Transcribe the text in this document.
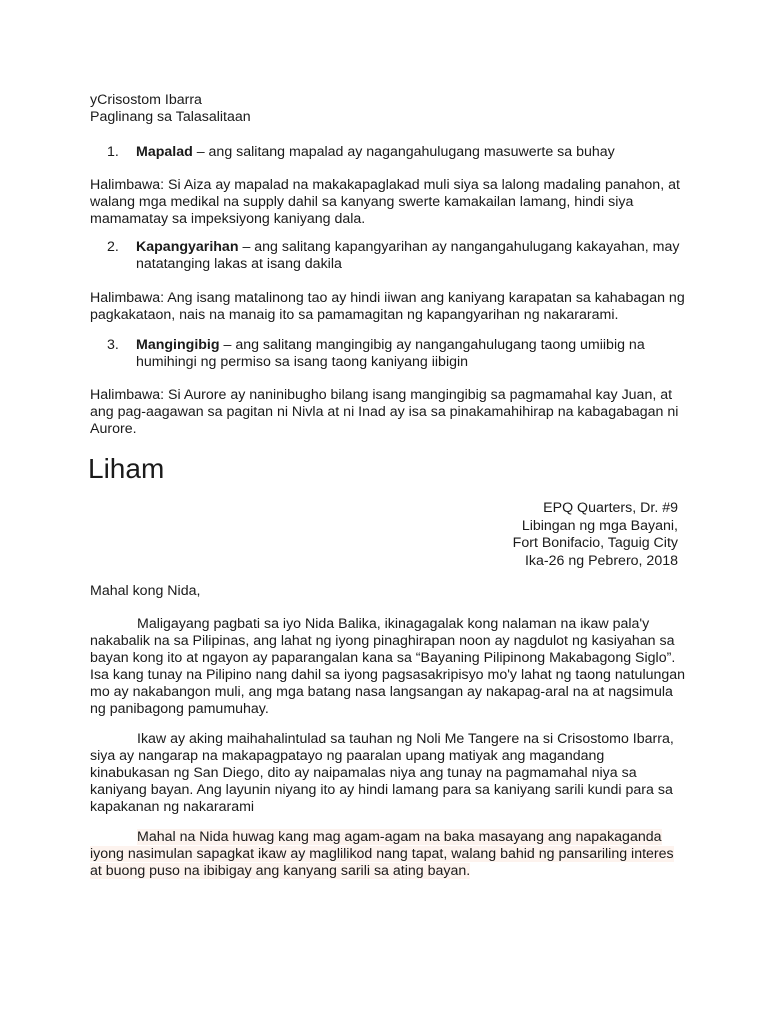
yCrisostom Ibarra
Paglinang sa Talasalitaan

1. Mapalad – ang salitang mapalad ay nagangahulugang masuwerte sa buhay

Halimbawa: Si Aiza ay mapalad na makakapaglakad muli siya sa lalong madaling panahon, at walang mga medikal na supply dahil sa kanyang swerte kamakailan lamang, hindi siya mamamatay sa impeksiyong kaniyang dala.

2. Kapangyarihan – ang salitang kapangyarihan ay nangangahulugang kakayahan, may natatanging lakas at isang dakila

Halimbawa: Ang isang matalinong tao ay hindi iiwan ang kaniyang karapatan sa kahabagan ng pagkakataon, nais na manaig ito sa pamamagitan ng kapangyarihan ng nakararami.

3. Mangingibig – ang salitang mangingibig ay nangangahulugang taong umiibig na humihingi ng permiso sa isang taong kaniyang iibigin

Halimbawa: Si Aurore ay naninibugho bilang isang mangingibig sa pagmamahal kay Juan, at ang pag-aagawan sa pagitan ni Nivla at ni Inad ay isa sa pinakamahihirap na kabagabagan ni Aurore.

Liham
EPQ Quarters, Dr. #9
Libingan ng mga Bayani,
Fort Bonifacio, Taguig City
Ika-26 ng Pebrero, 2018

Mahal kong Nida,

Maligayang pagbati sa iyo Nida Balika, ikinagagalak kong nalaman na ikaw pala'y nakabalik na sa Pilipinas, ang lahat ng iyong pinaghirapan noon ay nagdulot ng kasiyahan sa bayan kong ito at ngayon ay paparangalan kana sa “Bayaning Pilipinong Makabagong Siglo”. Isa kang tunay na Pilipino nang dahil sa iyong pagsasakripisyo mo'y lahat ng taong natulungan mo ay nakabangon muli, ang mga batang nasa langsangan ay nakapag-aral na at nagsimula ng panibagong pamumuhay.

Ikaw ay aking maihahalintulad sa tauhan ng Noli Me Tangere na si Crisostomo Ibarra, siya ay nangarap na makapagpatayo ng paaralan upang matiyak ang magandang kinabukasan ng San Diego, dito ay naipamalas niya ang tunay na pagmamahal niya sa kaniyang bayan. Ang layunin niyang ito ay hindi lamang para sa kaniyang sarili kundi para sa kapakanan ng nakararami

Mahal na Nida huwag kang mag agam-agam na baka masayang ang napakaganda iyong nasimulan sapagkat ikaw ay maglilikod nang tapat, walang bahid ng pansariling interes at buong puso na ibibigay ang kanyang sarili sa ating bayan.
